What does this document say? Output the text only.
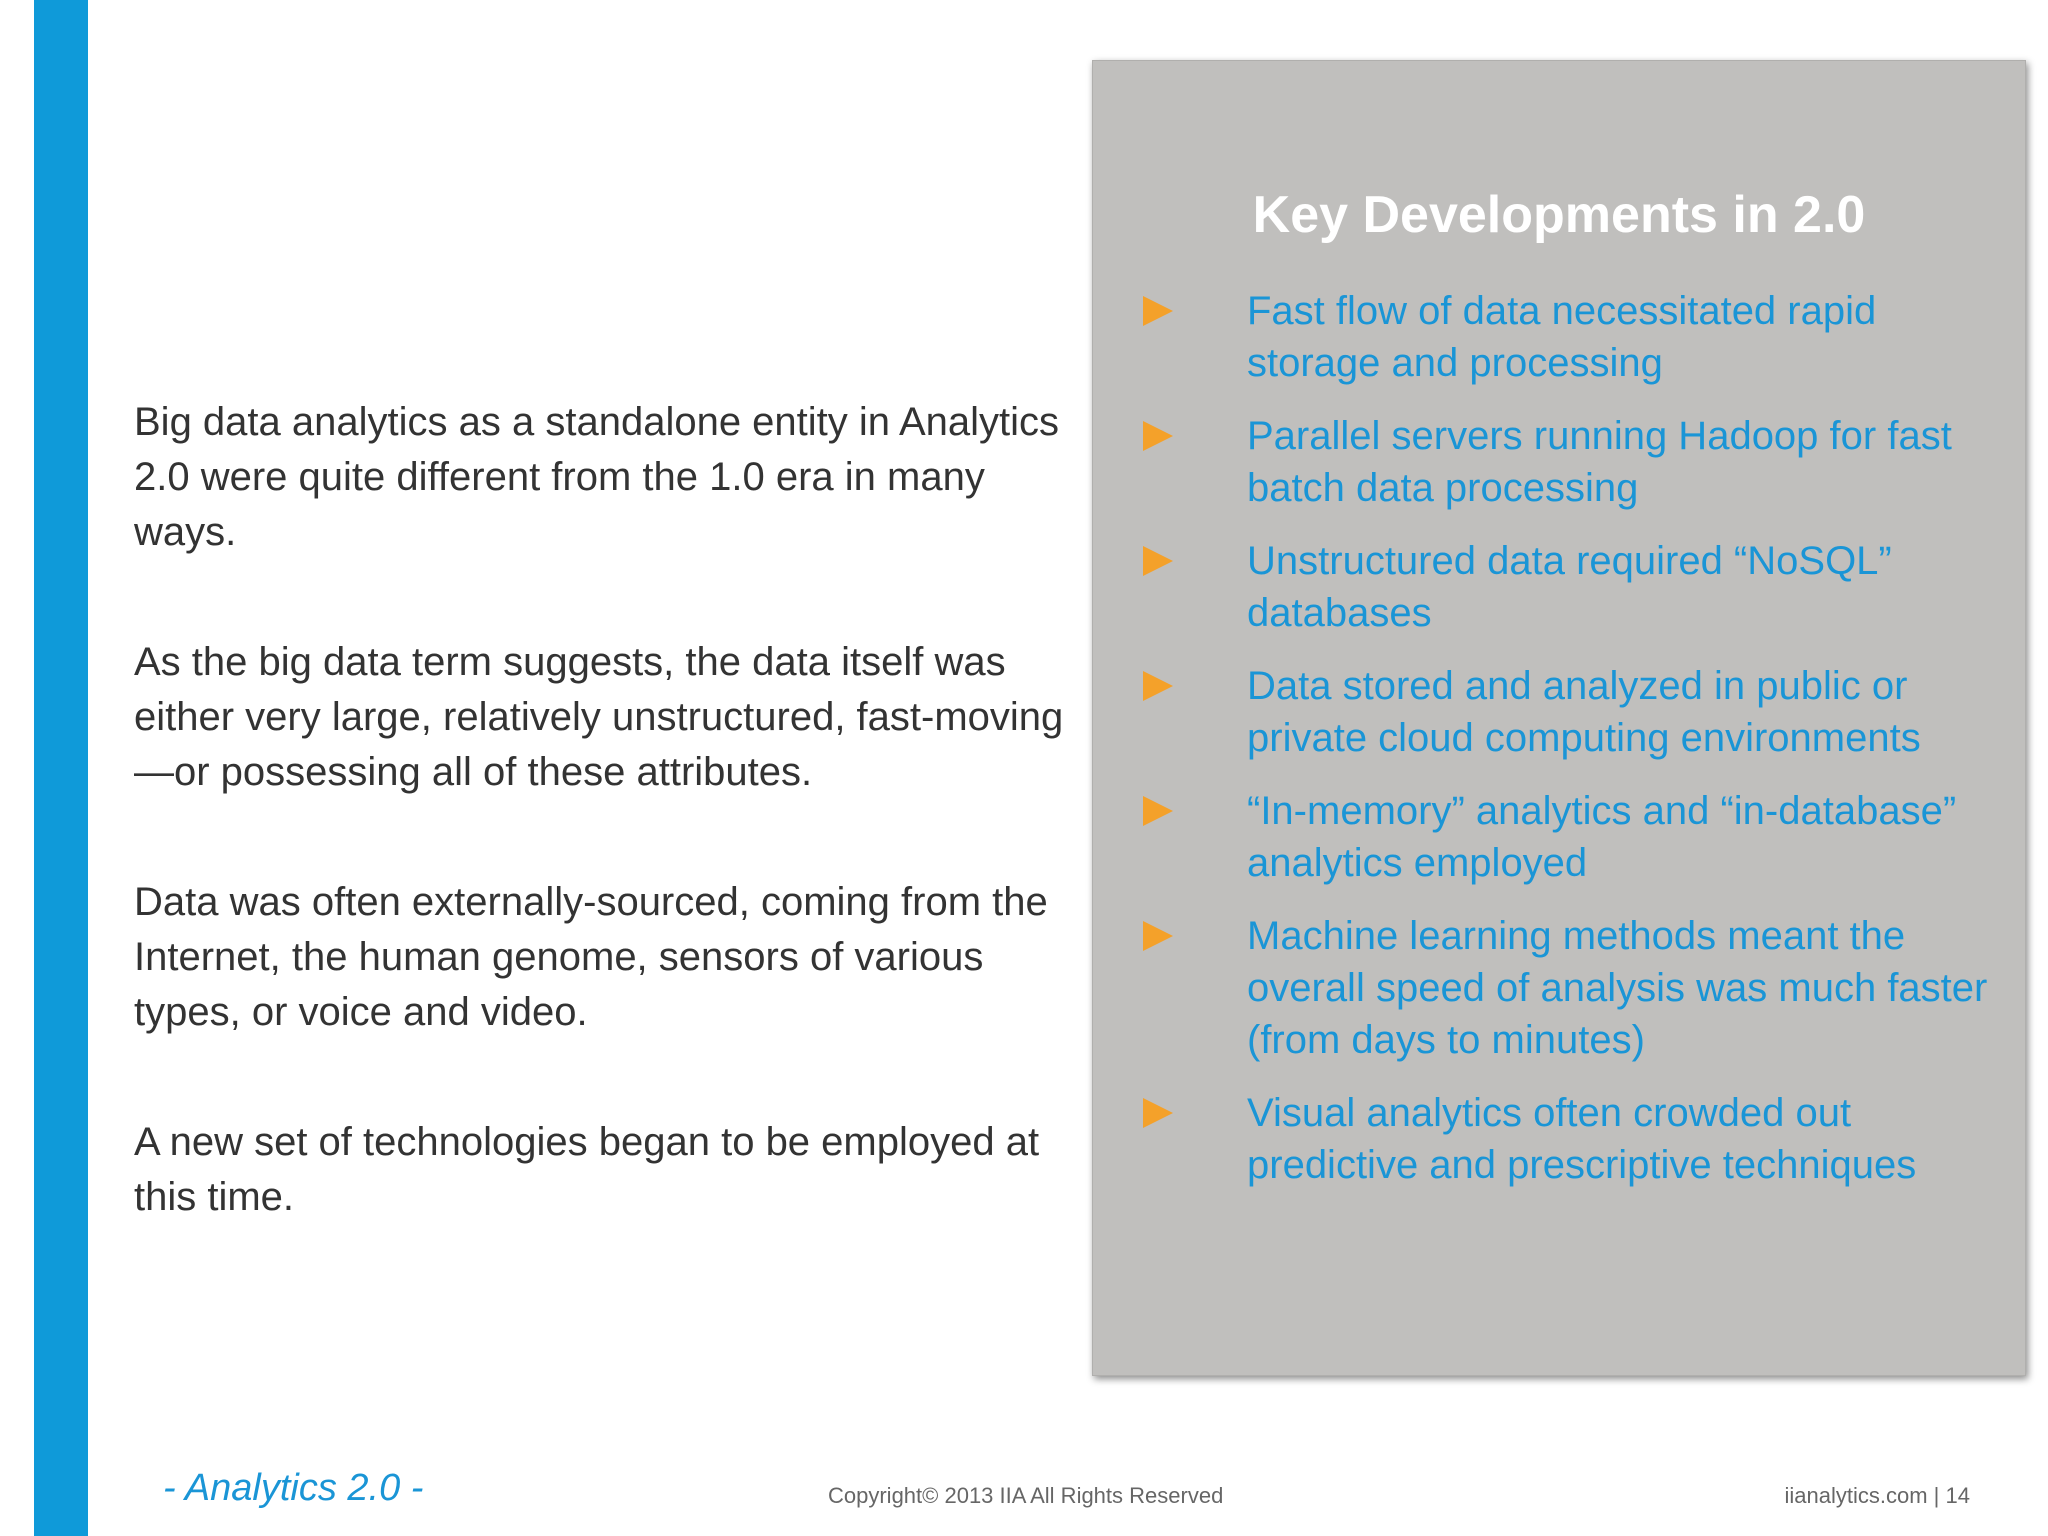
Big data analytics as a standalone entity in Analytics 2.0 were quite different from the 1.0 era in many ways.

As the big data term suggests, the data itself was either very large, relatively unstructured, fast-moving—or possessing all of these attributes.

Data was often externally-sourced, coming from the Internet, the human genome, sensors of various types, or voice and video.

A new set of technologies began to be employed at this time.

Key Developments in 2.0
Fast flow of data necessitated rapid storage and processing
Parallel servers running Hadoop for fast batch data processing
Unstructured data required “NoSQL” databases
Data stored and analyzed in public or private cloud computing environments
“In-memory” analytics and “in-database” analytics employed
Machine learning methods meant the overall speed of analysis was much faster (from days to minutes)
Visual analytics often crowded out predictive and prescriptive techniques
- Analytics 2.0 -	Copyright© 2013 IIA All Rights Reserved	iianalytics.com | 14
